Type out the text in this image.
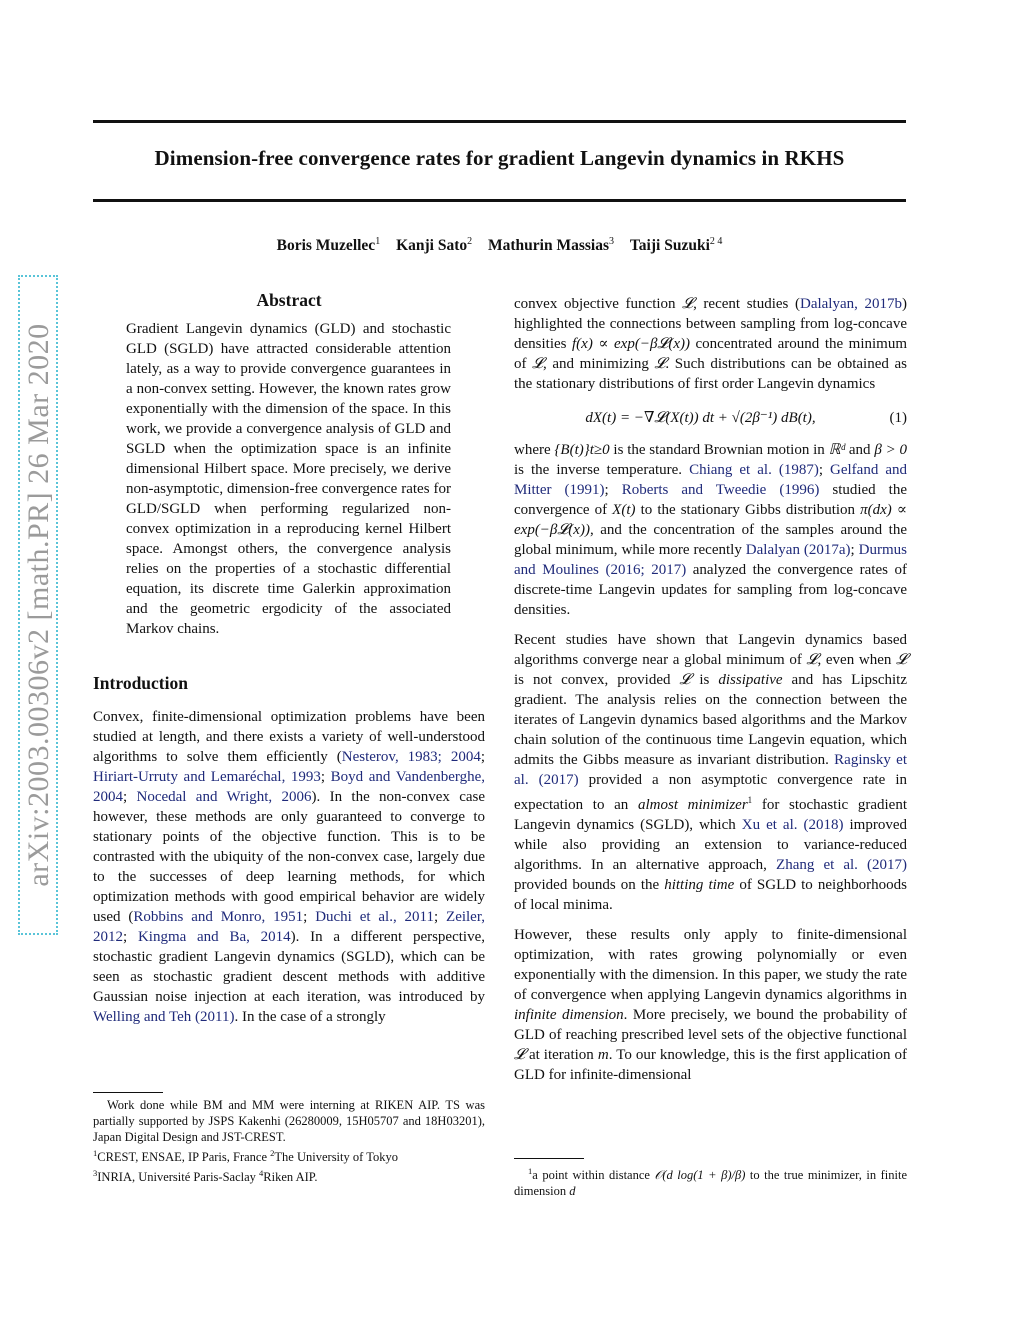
Dimension-free convergence rates for gradient Langevin dynamics in RKHS
Boris Muzellec$^1$ Kanji Sato$^2$ Mathurin Massias$^3$ Taiji Suzuki$^{2 4}$
arXiv:2003.00306v2 [math.PR] 26 Mar 2020

Abstract

Gradient Langevin dynamics (GLD) and stochastic GLD (SGLD) have attracted considerable attention lately, as a way to provide convergence guarantees in a non-convex setting. However, the known rates grow exponentially with the dimension of the space. In this work, we provide a convergence analysis of GLD and SGLD when the optimization space is an infinite dimensional Hilbert space. More precisely, we derive non-asymptotic, dimension-free convergence rates for GLD/SGLD when performing regularized non-convex optimization in a reproducing kernel Hilbert space. Amongst others, the convergence analysis relies on the properties of a stochastic differential equation, its discrete time Galerkin approximation and the geometric ergodicity of the associated Markov chains.

Introduction

Convex, finite-dimensional optimization problems have been studied at length, and there exists a variety of well-understood algorithms to solve them efficiently (Nesterov, 1983; 2004; Hiriart-Urruty and Lemaréchal, 1993; Boyd and Vandenberghe, 2004; Nocedal and Wright, 2006). In the non-convex case however, these methods are only guaranteed to converge to stationary points of the objective function. This is to be contrasted with the ubiquity of the non-convex case, largely due to the successes of deep learning methods, for which optimization methods with good empirical behavior are widely used (Robbins and Monro, 1951; Duchi et al., 2011; Zeiler, 2012; Kingma and Ba, 2014). In a different perspective, stochastic gradient Langevin dynamics (SGLD), which can be seen as stochastic gradient descent methods with additive Gaussian noise injection at each iteration, was introduced by Welling and Teh (2011). In the case of a strongly

Work done while BM and MM were interning at RIKEN AIP. TS was partially supported by JSPS Kakenhi (26280009, 15H05707 and 18H03201), Japan Digital Design and JST-CREST.

$^1$CREST, ENSAE, IP Paris, France $^2$The University of Tokyo
$^3$INRIA, Université Paris-Saclay $^4$Riken AIP.

convex objective function 𝓛, recent studies (Dalalyan, 2017b) highlighted the connections between sampling from log-concave densities f(x) ∝ exp(−β𝓛(x)) concentrated around the minimum of 𝓛, and minimizing 𝓛. Such distributions can be obtained as the stationary distributions of first order Langevin dynamics

dX(t) = −∇𝓛(X(t)) dt + √(2β⁻¹) dB(t),	(1)

where {B(t)}t≥0 is the standard Brownian motion in ℝᵈ and β > 0 is the inverse temperature. Chiang et al. (1987); Gelfand and Mitter (1991); Roberts and Tweedie (1996) studied the convergence of X(t) to the stationary Gibbs distribution π(dx) ∝ exp(−β𝓛(x)), and the concentration of the samples around the global minimum, while more recently Dalalyan (2017a); Durmus and Moulines (2016; 2017) analyzed the convergence rates of discrete-time Langevin updates for sampling from log-concave densities.

Recent studies have shown that Langevin dynamics based algorithms converge near a global minimum of 𝓛, even when 𝓛 is not convex, provided 𝓛 is dissipative and has Lipschitz gradient. The analysis relies on the connection between the iterates of Langevin dynamics based algorithms and the Markov chain solution of the continuous time Langevin equation, which admits the Gibbs measure as invariant distribution. Raginsky et al. (2017) provided a non asymptotic convergence rate in expectation to an almost minimizer$^1$ for stochastic gradient Langevin dynamics (SGLD), which Xu et al. (2018) improved while also providing an extension to variance-reduced algorithms. In an alternative approach, Zhang et al. (2017) provided bounds on the hitting time of SGLD to neighborhoods of local minima.

However, these results only apply to finite-dimensional optimization, with rates growing polynomially or even exponentially with the dimension. In this paper, we study the rate of convergence when applying Langevin dynamics algorithms in infinite dimension. More precisely, we bound the probability of GLD of reaching prescribed level sets of the objective functional 𝓛 at iteration m. To our knowledge, this is the first application of GLD for infinite-dimensional

$^1$a point within distance 𝒪(d log(1 + β)/β) to the true minimizer, in finite dimension d
